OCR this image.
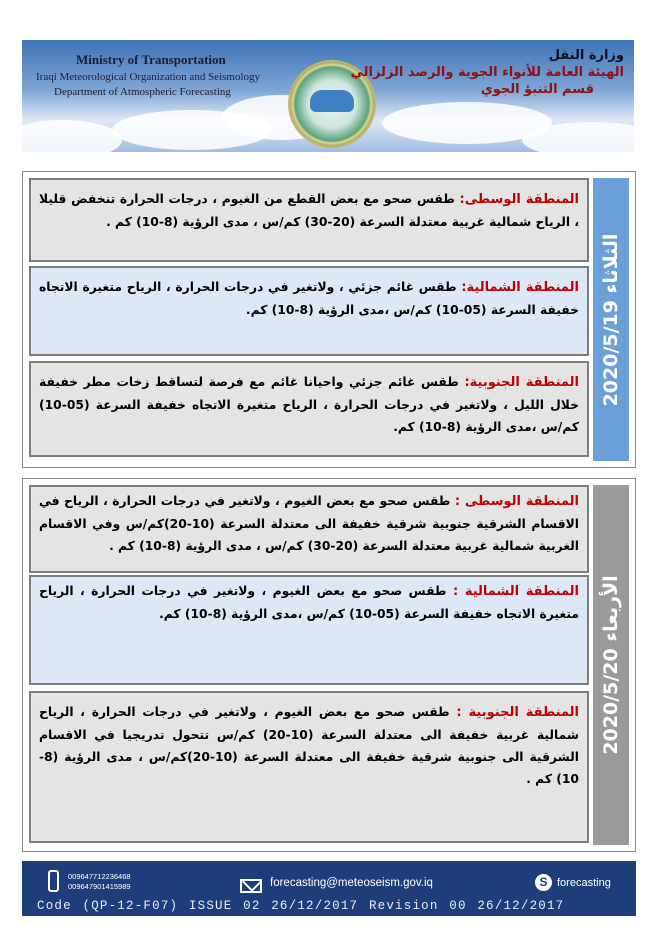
Ministry of Transportation
Iraqi Meteorological Organization and Seismology
Department of Atmospheric Forecasting
وزارة النقل
الهيئة العامة للأنواء الجوية والرصد الزلزالي
قسم التنبؤ الجوي
الثلاثاء 2020/5/19
المنطقة الوسطى: طقس صحو مع بعض القطع من الغيوم ، درجات الحرارة تنخفض قليلا ، الرياح شمالية غربية معتدلة السرعة (20-30) كم/س ، مدى الرؤية (8-10) كم .
المنطقة الشمالية: طقس غائم جزئي ، ولاتغير في درجات الحرارة ، الرياح متغيرة الاتجاه خفيفة السرعة (05-10) كم/س ،مدى الرؤية (8-10) كم.
المنطقة الجنوبية: طقس غائم جزئي واحيانا غائم مع فرصة لتساقط زخات مطر خفيفة خلال الليل ، ولاتغير في درجات الحرارة ، الرياح متغيرة الاتجاه خفيفة السرعة (05-10) كم/س ،مدى الرؤية (8-10) كم.
الأربعاء 2020/5/20
المنطقة الوسطى : طقس صحو مع بعض الغيوم ، ولاتغير في درجات الحرارة ، الرياح في الاقسام الشرقية جنوبية شرقية خفيفة الى معتدلة السرعة (10-20)كم/س وفي الاقسام الغربية شمالية غربية معتدلة السرعة (20-30) كم/س ، مدى الرؤية (8-10) كم .
المنطقة الشمالية : طقس صحو مع بعض الغيوم ، ولاتغير في درجات الحرارة ، الرياح متغيرة الاتجاه خفيفة السرعة (05-10) كم/س ،مدى الرؤية (8-10) كم.
المنطقة الجنوبية : طقس صحو مع بعض الغيوم ، ولاتغير في درجات الحرارة ، الرياح شمالية غربية خفيفة الى معتدلة السرعة (10-20) كم/س تتحول تدريجيا في الاقسام الشرقية الى جنوبية شرقية خفيفة الى معتدلة السرعة (10-20)كم/س ، مدى الرؤية (8-10) كم .
009647712236468
009647901415989	forecasting@meteoseism.gov.iq	S forecasting
Code (QP-12-F07) ISSUE 02 26/12/2017 Revision 00 26/12/2017
